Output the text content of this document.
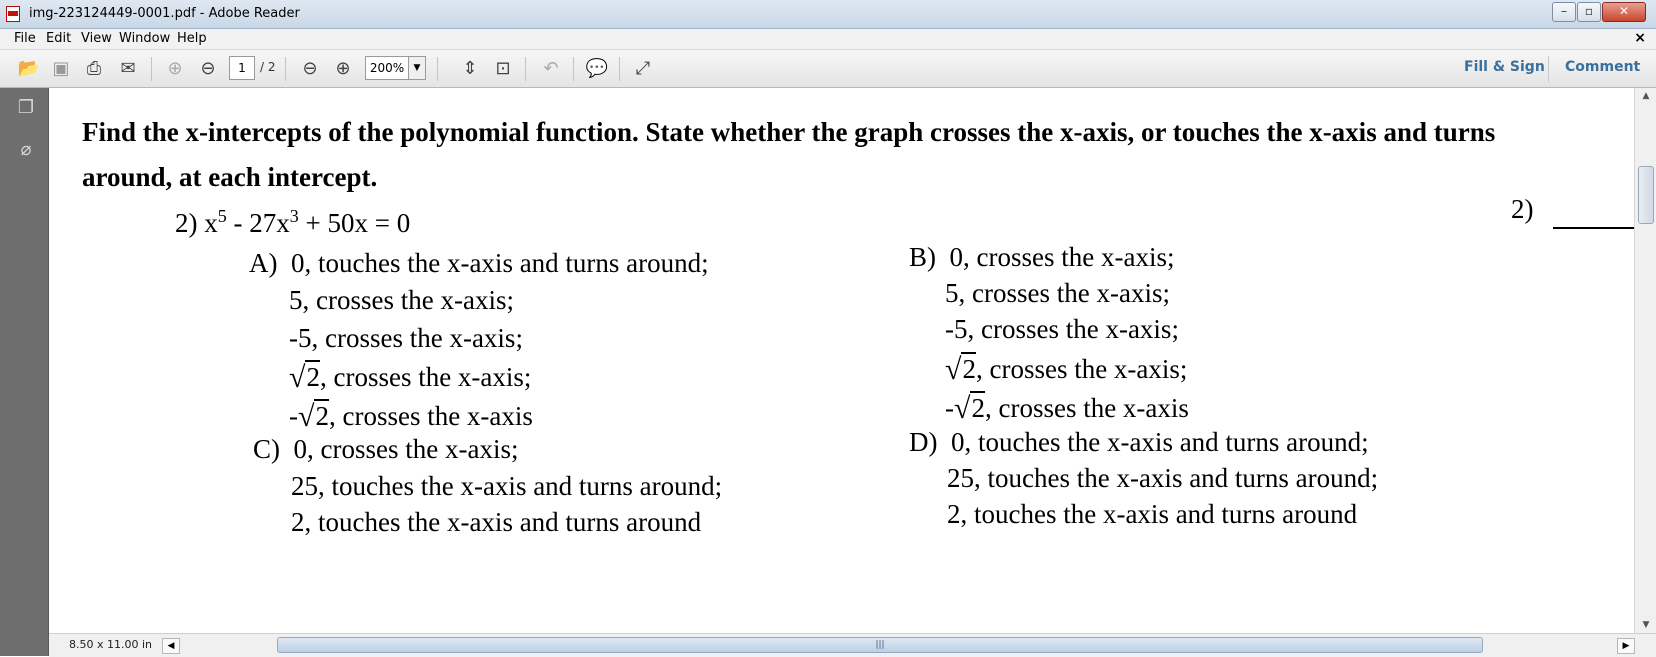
img-223124449-0001.pdf - Adobe Reader	–	▫	✕
File Edit View Window Help	×
📂 ▣ ⎙	✉	⊕ ⊖	1	/ 2	⊖ ⊕	200%	▼	⇕ ⊡	↶	💬	⤢	Fill & Sign Comment
❐
⌀
Find the x-intercepts of the polynomial function. State whether the graph crosses the x-axis, or touches the x-axis and turns around, at each intercept.
2)
2) $x^5 - 27x^3 + 50x = 0$
A) 0, touches the x-axis and turns around;
5, crosses the x-axis;
-5, crosses the x-axis;
√2, crosses the x-axis;
-√2, crosses the x-axis
C) 0, crosses the x-axis;
25, touches the x-axis and turns around;
2, touches the x-axis and turns around
B) 0, crosses the x-axis;
5, crosses the x-axis;
-5, crosses the x-axis;
√2, crosses the x-axis;
-√2, crosses the x-axis
D) 0, touches the x-axis and turns around;
25, touches the x-axis and turns around;
2, touches the x-axis and turns around
▲
▼
8.50 x 11.00 in	◀	|||	▶
